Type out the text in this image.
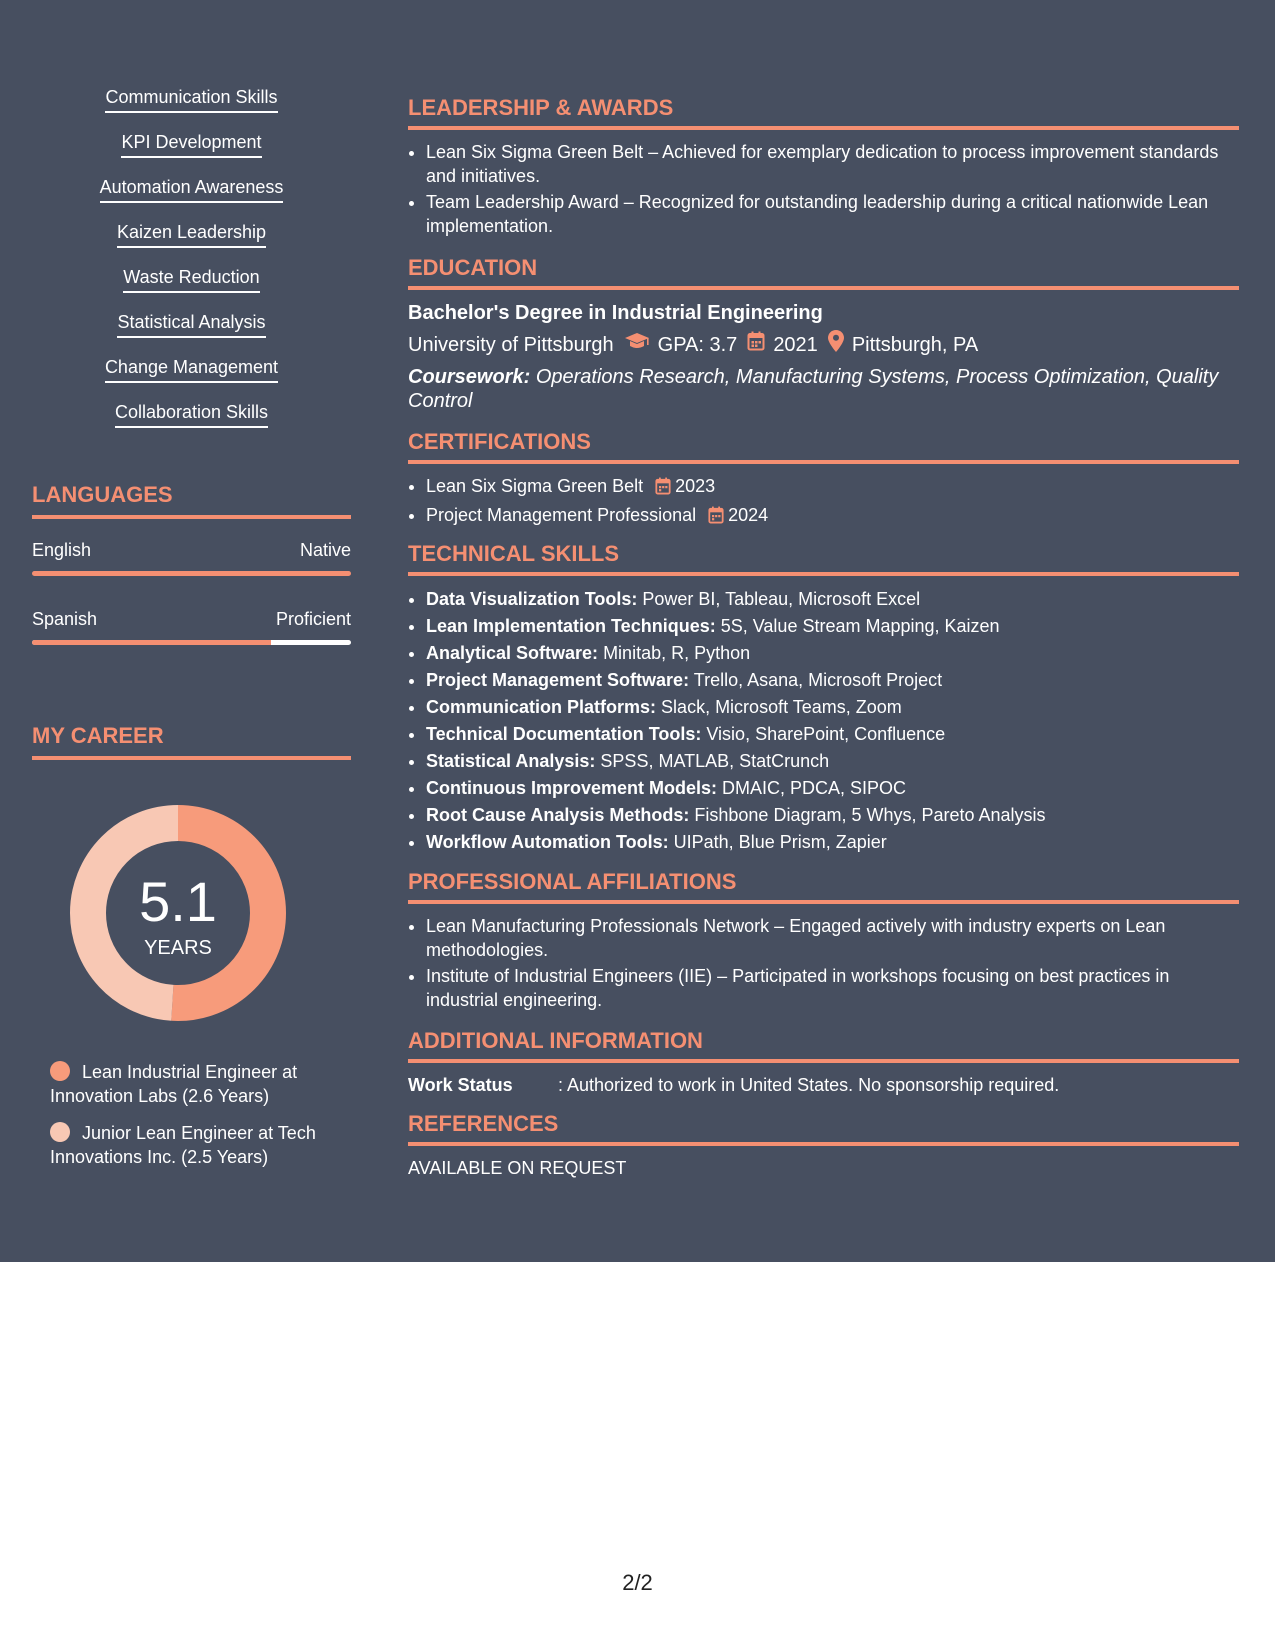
Communication Skills
KPI Development
Automation Awareness
Kaizen Leadership
Waste Reduction
Statistical Analysis
Change Management
Collaboration Skills
LANGUAGES
English	Native
Spanish	Proficient
MY CAREER
5.1
YEARS
Lean Industrial Engineer at Innovation Labs (2.6 Years)
Junior Lean Engineer at Tech Innovations Inc. (2.5 Years)
LEADERSHIP & AWARDS
• Lean Six Sigma Green Belt – Achieved for exemplary dedication to process improvement standards and initiatives.
• Team Leadership Award – Recognized for outstanding leadership during a critical nationwide Lean implementation.
EDUCATION
Bachelor's Degree in Industrial Engineering
University of Pittsburgh GPA: 3.7 2021 Pittsburgh, PA
Coursework: Operations Research, Manufacturing Systems, Process Optimization, Quality Control
CERTIFICATIONS
• Lean Six Sigma Green Belt 2023
• Project Management Professional 2024
TECHNICAL SKILLS
• Data Visualization Tools: Power BI, Tableau, Microsoft Excel
• Lean Implementation Techniques: 5S, Value Stream Mapping, Kaizen
• Analytical Software: Minitab, R, Python
• Project Management Software: Trello, Asana, Microsoft Project
• Communication Platforms: Slack, Microsoft Teams, Zoom
• Technical Documentation Tools: Visio, SharePoint, Confluence
• Statistical Analysis: SPSS, MATLAB, StatCrunch
• Continuous Improvement Models: DMAIC, PDCA, SIPOC
• Root Cause Analysis Methods: Fishbone Diagram, 5 Whys, Pareto Analysis
• Workflow Automation Tools: UIPath, Blue Prism, Zapier
PROFESSIONAL AFFILIATIONS
• Lean Manufacturing Professionals Network – Engaged actively with industry experts on Lean methodologies.
• Institute of Industrial Engineers (IIE) – Participated in workshops focusing on best practices in industrial engineering.
ADDITIONAL INFORMATION
Work Status	: Authorized to work in United States. No sponsorship required.
REFERENCES
AVAILABLE ON REQUEST
2/2
